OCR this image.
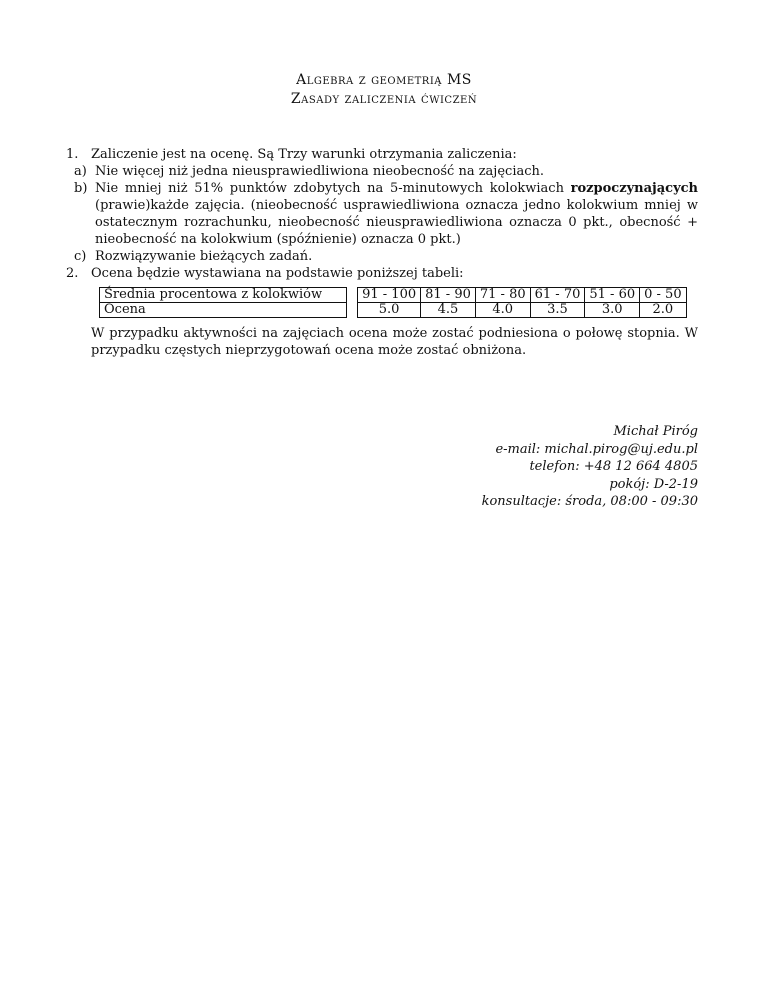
Algebra z geometrią MS
Zasady zaliczenia ćwiczeń
1. Zaliczenie jest na ocenę. Są Trzy warunki otrzymania zaliczenia:
a) Nie więcej niż jedna nieusprawiedliwiona nieobecność na zajęciach.
b) Nie mniej niż 51% punktów zdobytych na 5-minutowych kolokwiach rozpoczynających (prawie)każde zajęcia. (nieobecność usprawiedliwiona oznacza jedno kolokwium mniej w ostatecznym rozrachunku, nieobecność nieusprawiedliwiona oznacza 0 pkt., obecność + nieobecność na kolokwium (spóźnienie) oznacza 0 pkt.)
c) Rozwiązywanie bieżących zadań.
2. Ocena będzie wystawiana na podstawie poniższej tabeli:
Średnia procentowa z kolokwiów		91 - 100	81 - 90	71 - 80	61 - 70	51 - 60	0 - 50
Ocena		5.0	4.5	4.0	3.5	3.0	2.0
W przypadku aktywności na zajęciach ocena może zostać podniesiona o połowę stopnia. W przypadku częstych nieprzygotowań ocena może zostać obniżona.
Michał Piróg
e-mail: michal.pirog@uj.edu.pl
telefon: +48 12 664 4805
pokój: D-2-19
konsultacje: środa, 08:00 - 09:30
